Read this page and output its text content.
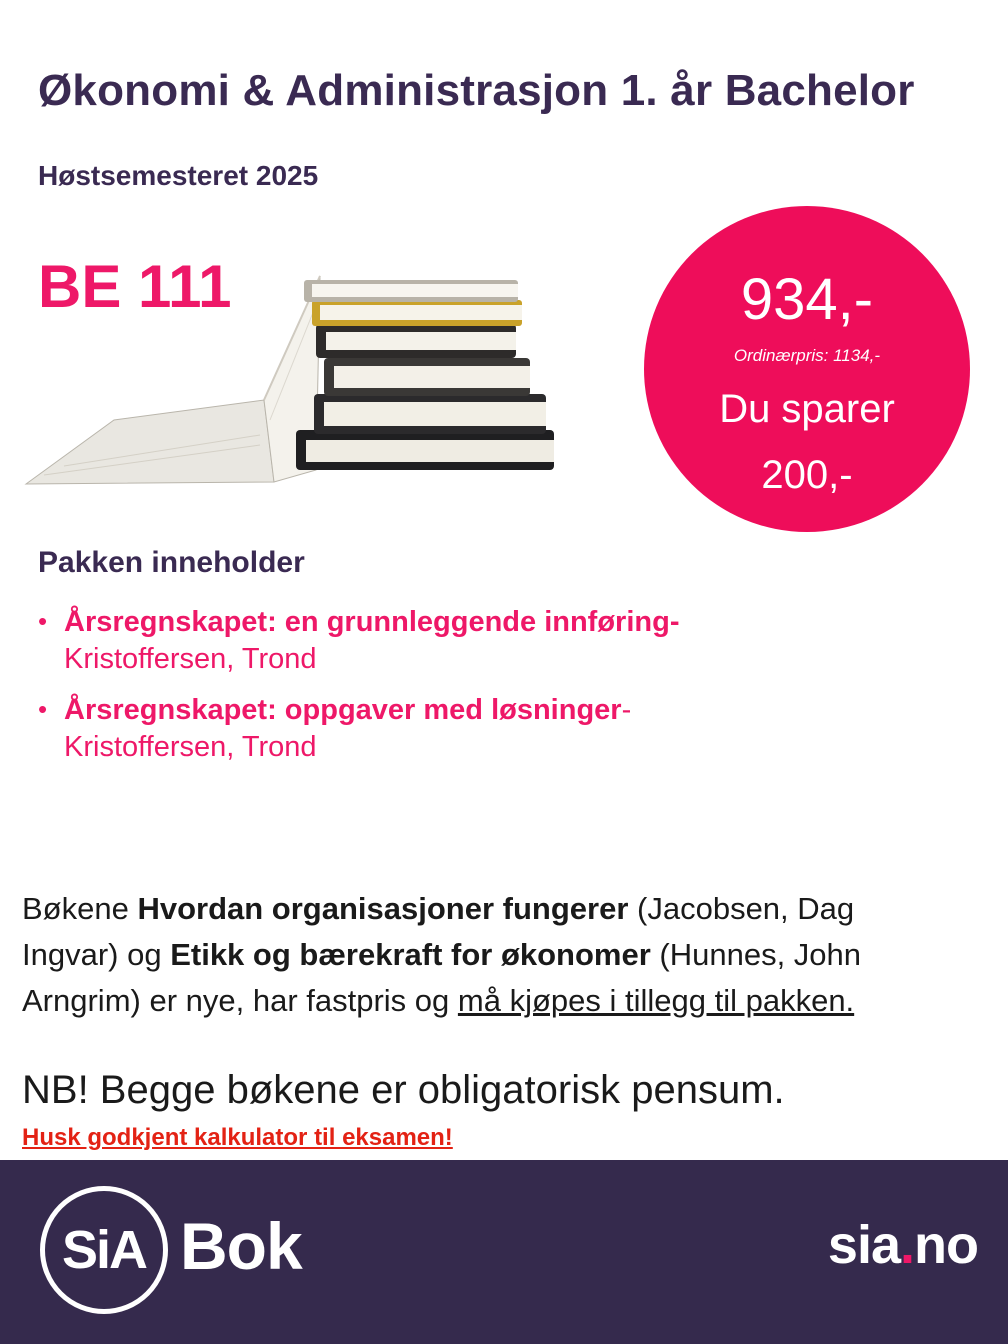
Økonomi & Administrasjon 1. år Bachelor
Høstsemesteret 2025
BE 111	934,-
Ordinærpris: 1134,-
Du sparer
200,-
Pakken inneholder
• Årsregnskapet: en grunnleggende innføring-
Kristoffersen, Trond
• Årsregnskapet: oppgaver med løsninger-
Kristoffersen, Trond

Bøkene Hvordan organisasjoner fungerer (Jacobsen, Dag Ingvar) og Etikk og bærekraft for økonomer (Hunnes, John Arngrim) er nye, har fastpris og må kjøpes i tillegg til pakken.

NB! Begge bøkene er obligatorisk pensum.
Husk godkjent kalkulator til eksamen!
SiA Bok	sia.no
